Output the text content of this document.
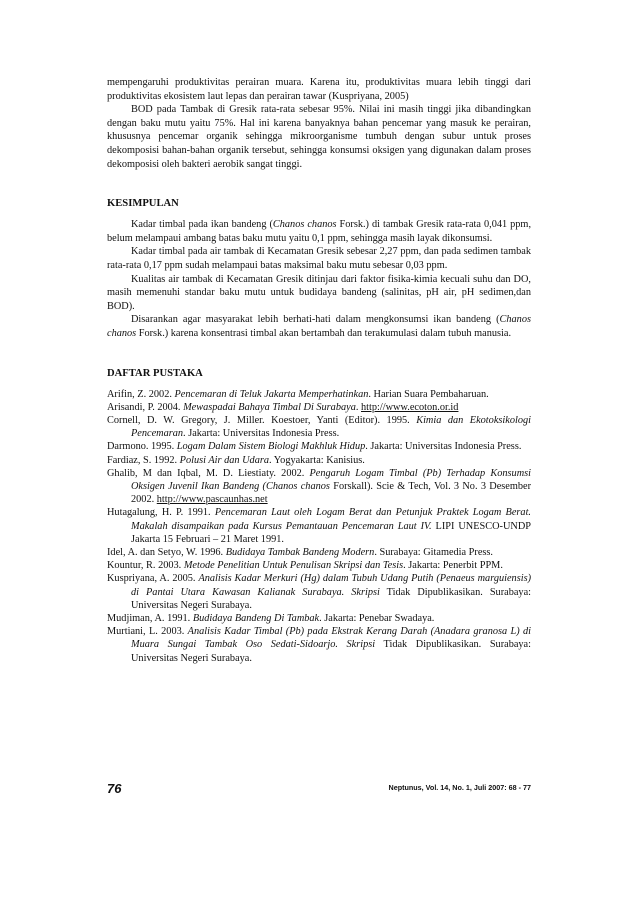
mempengaruhi produktivitas perairan muara. Karena itu, produktivitas muara lebih tinggi dari produktivitas ekosistem laut lepas dan perairan tawar (Kuspriyana, 2005)

BOD pada Tambak di Gresik rata-rata sebesar 95%. Nilai ini masih tinggi jika dibandingkan dengan baku mutu yaitu 75%. Hal ini karena banyaknya bahan pencemar yang masuk ke perairan, khususnya pencemar organik sehingga mikroorganisme tumbuh dengan subur untuk proses dekomposisi bahan-bahan organik tersebut, sehingga konsumsi oksigen yang digunakan dalam proses dekomposisi oleh bakteri aerobik sangat tinggi.

KESIMPULAN

Kadar timbal pada ikan bandeng (Chanos chanos Forsk.) di tambak Gresik rata-rata 0,041 ppm, belum melampaui ambang batas baku mutu yaitu 0,1 ppm, sehingga masih layak dikonsumsi.

Kadar timbal pada air tambak di Kecamatan Gresik sebesar 2,27 ppm, dan pada sedimen tambak rata-rata 0,17 ppm sudah melampaui batas maksimal baku mutu sebesar 0,03 ppm.

Kualitas air tambak di Kecamatan Gresik ditinjau dari faktor fisika-kimia kecuali suhu dan DO, masih memenuhi standar baku mutu untuk budidaya bandeng (salinitas, pH air, pH sedimen,dan BOD).

Disarankan agar masyarakat lebih berhati-hati dalam mengkonsumsi ikan bandeng (Chanos chanos Forsk.) karena konsentrasi timbal akan bertambah dan terakumulasi dalam tubuh manusia.

DAFTAR PUSTAKA

Arifin, Z. 2002. Pencemaran di Teluk Jakarta Memperhatinkan. Harian Suara Pembaharuan.

Arisandi, P. 2004. Mewaspadai Bahaya Timbal Di Surabaya. http://www.ecoton.or.id

Cornell, D. W. Gregory, J. Miller. Koestoer, Yanti (Editor). 1995. Kimia dan Ekotoksikologi Pencemaran. Jakarta: Universitas Indonesia Press.

Darmono. 1995. Logam Dalam Sistem Biologi Makhluk Hidup. Jakarta: Universitas Indonesia Press.

Fardiaz, S. 1992. Polusi Air dan Udara. Yogyakarta: Kanisius.

Ghalib, M dan Iqbal, M. D. Liestiaty. 2002. Pengaruh Logam Timbal (Pb) Terhadap Konsumsi Oksigen Juvenil Ikan Bandeng (Chanos chanos Forskall). Scie & Tech, Vol. 3 No. 3 Desember 2002. http://www.pascaunhas.net

Hutagalung, H. P. 1991. Pencemaran Laut oleh Logam Berat dan Petunjuk Praktek Logam Berat. Makalah disampaikan pada Kursus Pemantauan Pencemaran Laut IV. LIPI UNESCO-UNDP Jakarta 15 Februari – 21 Maret 1991.

Idel, A. dan Setyo, W. 1996. Budidaya Tambak Bandeng Modern. Surabaya: Gitamedia Press.

Kountur, R. 2003. Metode Penelitian Untuk Penulisan Skripsi dan Tesis. Jakarta: Penerbit PPM.

Kuspriyana, A. 2005. Analisis Kadar Merkuri (Hg) dalam Tubuh Udang Putih (Penaeus marguiensis) di Pantai Utara Kawasan Kalianak Surabaya. Skripsi Tidak Dipublikasikan. Surabaya: Universitas Negeri Surabaya.

Mudjiman, A. 1991. Budidaya Bandeng Di Tambak. Jakarta: Penebar Swadaya.

Murtiani, L. 2003. Analisis Kadar Timbal (Pb) pada Ekstrak Kerang Darah (Anadara granosa L) di Muara Sungai Tambak Oso Sedati-Sidoarjo. Skripsi Tidak Dipublikasikan. Surabaya: Universitas Negeri Surabaya.

76	Neptunus, Vol. 14, No. 1, Juli 2007: 68 - 77
